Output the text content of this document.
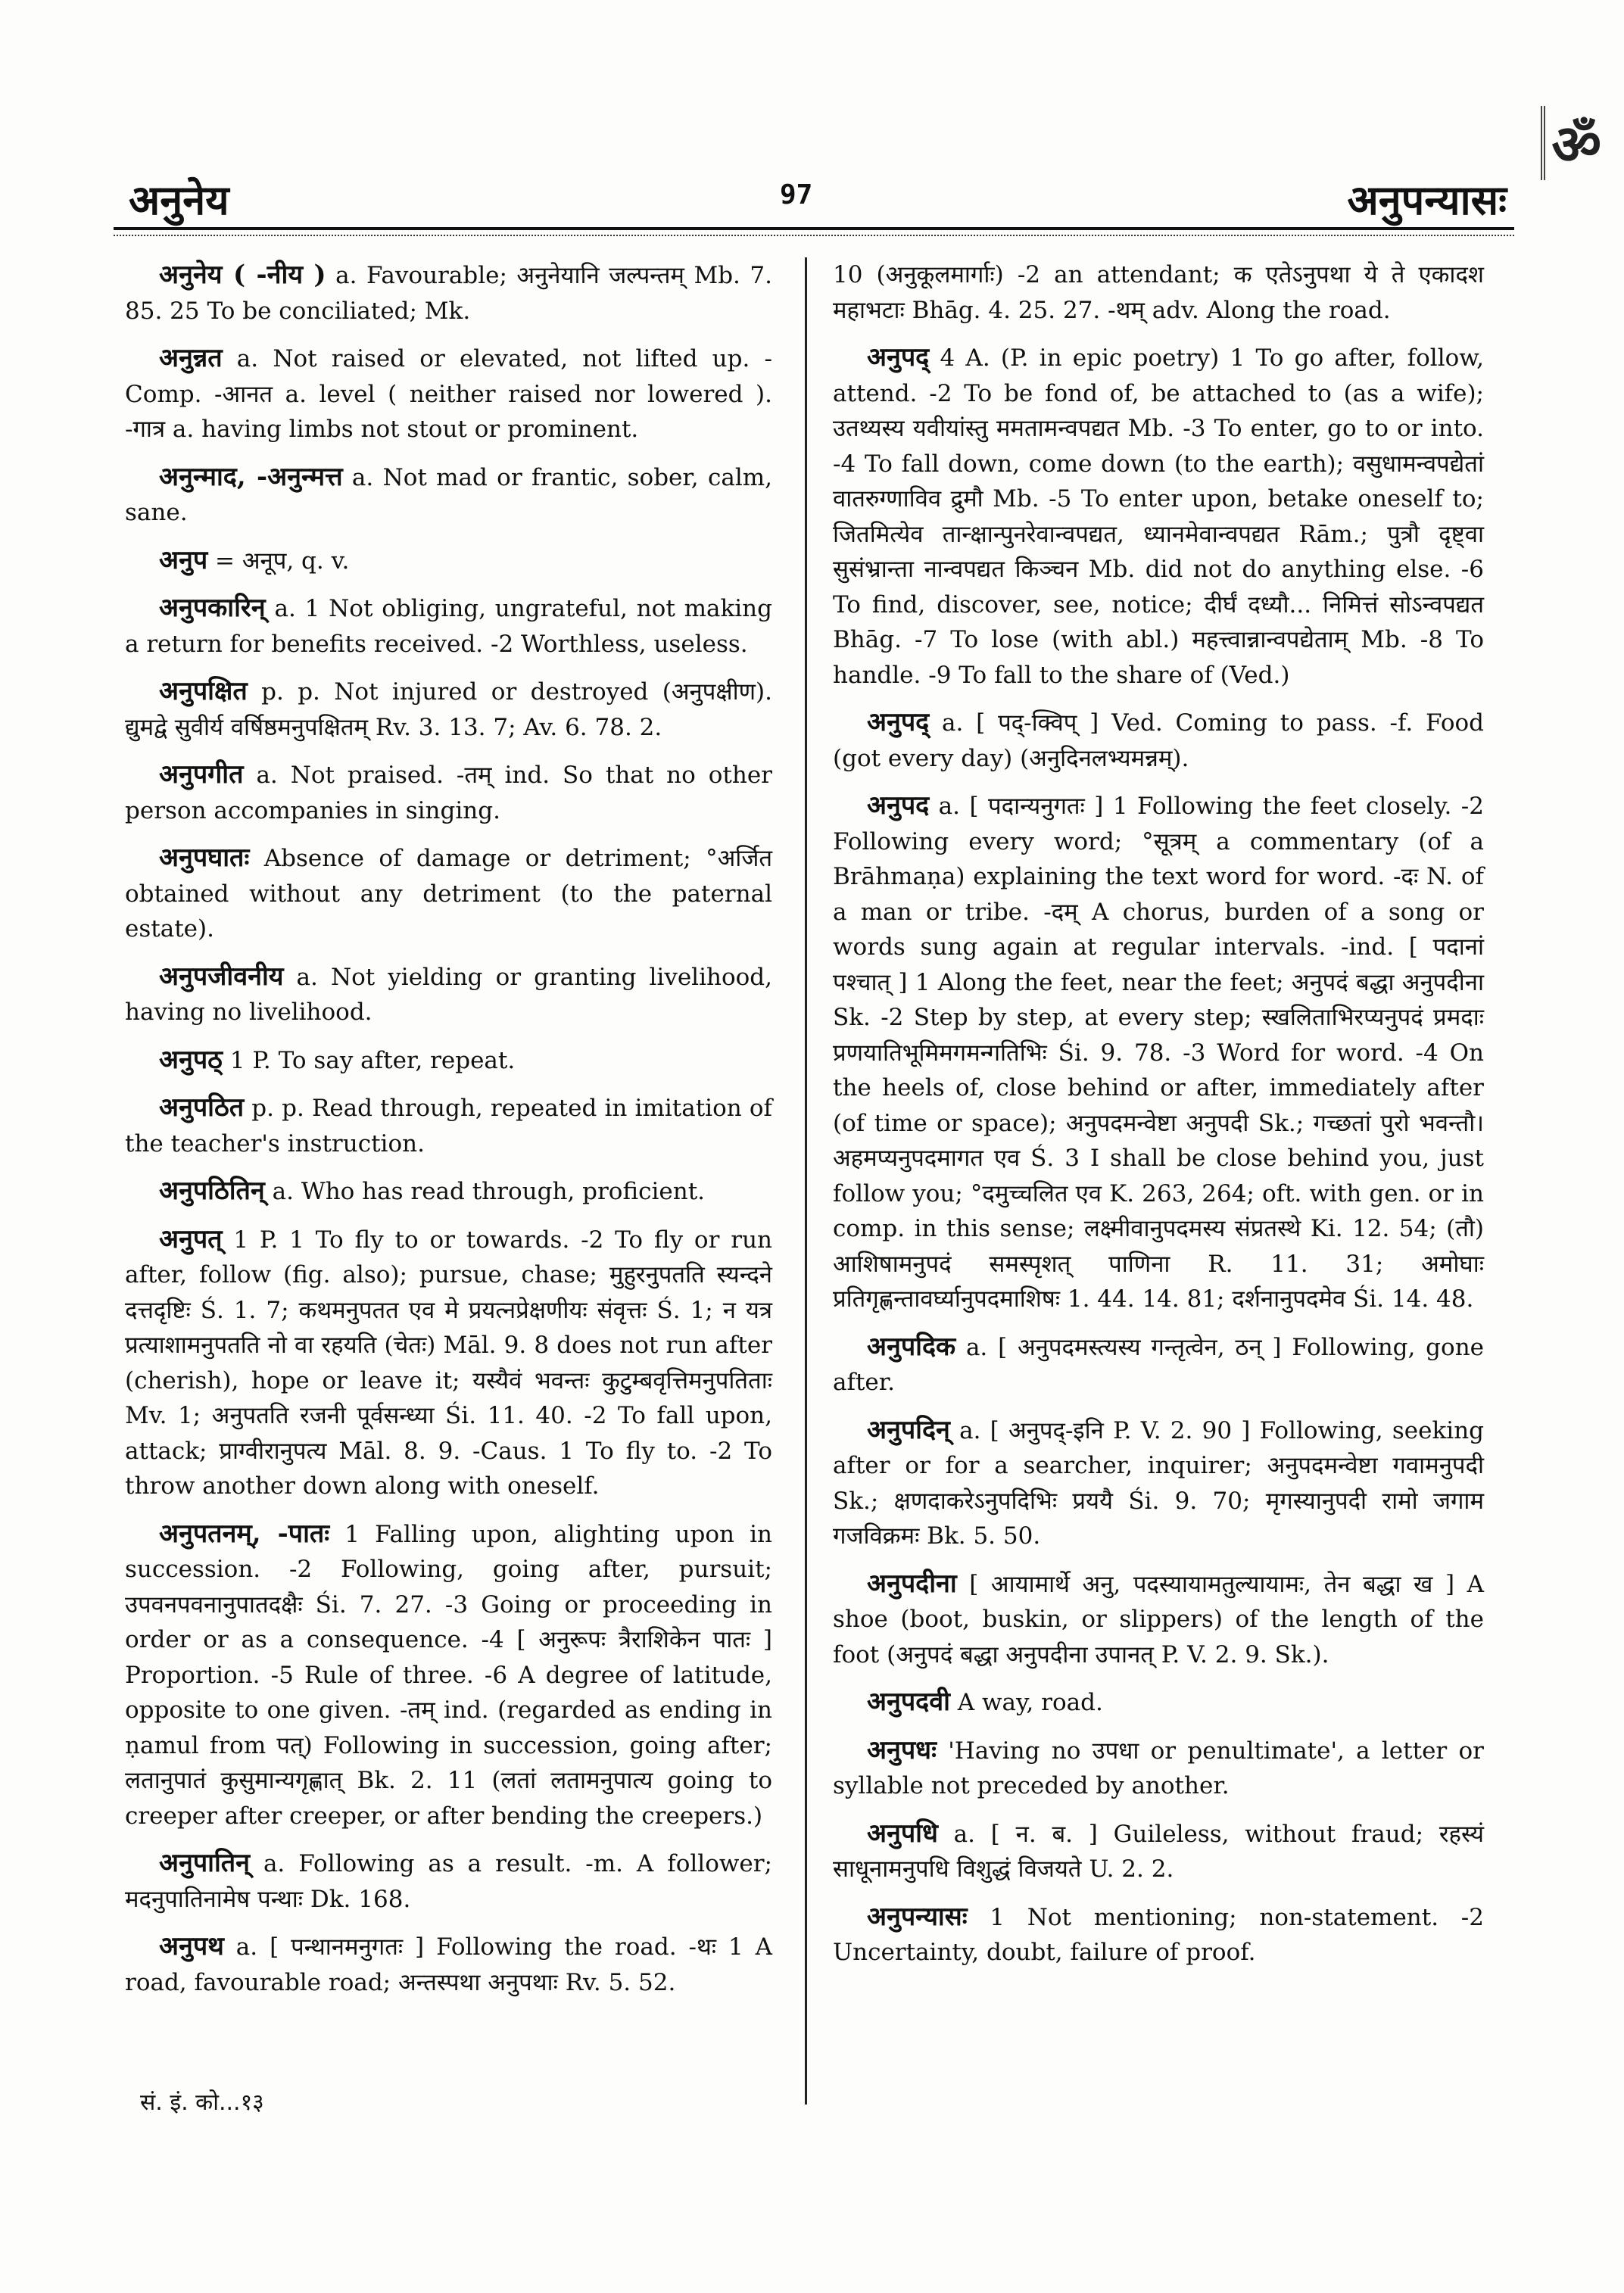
ॐ
अनुनेय	97	अनुपन्यासः

अनुनेय ( -नीय ) a. Favourable; अनुनेयानि जल्पन्तम् Mb. 7. 85. 25 To be conciliated; Mk.

अनुन्नत a. Not raised or elevated, not lifted up. -Comp. -आनत a. level ( neither raised nor lowered ). -गात्र a. having limbs not stout or prominent.

अनुन्माद, -अनुन्मत्त a. Not mad or frantic, sober, calm, sane.

अनुप = अनूप, q. v.

अनुपकारिन् a. 1 Not obliging, ungrateful, not making a return for benefits received. -2 Worthless, useless.

अनुपक्षित p. p. Not injured or destroyed (अनुपक्षीण). द्युमद्वे सुवीर्य वर्षिष्ठमनुपक्षितम् Rv. 3. 13. 7; Av. 6. 78. 2.

अनुपगीत a. Not praised. -तम् ind. So that no other person accompanies in singing.

अनुपघातः Absence of damage or detriment; °अर्जित obtained without any detriment (to the paternal estate).

अनुपजीवनीय a. Not yielding or granting livelihood, having no livelihood.

अनुपठ् 1 P. To say after, repeat.

अनुपठित p. p. Read through, repeated in imitation of the teacher's instruction.

अनुपठितिन् a. Who has read through, proficient.

अनुपत् 1 P. 1 To fly to or towards. -2 To fly or run after, follow (fig. also); pursue, chase; मुहुरनुपतति स्यन्दने दत्तदृष्टिः Ś. 1. 7; कथमनुपतत एव मे प्रयत्नप्रेक्षणीयः संवृत्तः Ś. 1; न यत्र प्रत्याशामनुपतति नो वा रहयति (चेतः) Māl. 9. 8 does not run after (cherish), hope or leave it; यस्यैवं भवन्तः कुटुम्बवृत्तिमनुपतिताः Mv. 1; अनुपतति रजनी पूर्वसन्ध्या Śi. 11. 40. -2 To fall upon, attack; प्राग्वीरानुपत्य Māl. 8. 9. -Caus. 1 To fly to. -2 To throw another down along with oneself.

अनुपतनम्, -पातः 1 Falling upon, alighting upon in succession. -2 Following, going after, pursuit; उपवनपवनानुपातदक्षैः Śi. 7. 27. -3 Going or proceeding in order or as a consequence. -4 [ अनुरूपः त्रैराशिकेन पातः ] Proportion. -5 Rule of three. -6 A degree of latitude, opposite to one given. -तम् ind. (regarded as ending in ṇamul from पत्) Following in succession, going after; लतानुपातं कुसुमान्यगृह्णात् Bk. 2. 11 (लतां लतामनुपात्य going to creeper after creeper, or after bending the creepers.)

अनुपातिन् a. Following as a result. -m. A follower; मदनुपातिनामेष पन्थाः Dk. 168.

अनुपथ a. [ पन्थानमनुगतः ] Following the road. -थः 1 A road, favourable road; अन्तस्पथा अनुपथाः Rv. 5. 52.

10 (अनुकूलमार्गाः) -2 an attendant; क एतेऽनुपथा ये ते एकादश महाभटाः Bhāg. 4. 25. 27. -थम् adv. Along the road.

अनुपद् 4 A. (P. in epic poetry) 1 To go after, follow, attend. -2 To be fond of, be attached to (as a wife); उतथ्यस्य यवीयांस्तु ममतामन्वपद्यत Mb. -3 To enter, go to or into. -4 To fall down, come down (to the earth); वसुधामन्वपद्येतां वातरुग्णाविव द्रुमौ Mb. -5 To enter upon, betake oneself to; जितमित्येव तान्क्षान्पुनरेवान्वपद्यत, ध्यानमेवान्वपद्यत Rām.; पुत्रौ दृष्ट्वा सुसंभ्रान्ता नान्वपद्यत किञ्चन Mb. did not do anything else. -6 To find, discover, see, notice; दीर्घं दध्यौ... निमित्तं सोऽन्वपद्यत Bhāg. -7 To lose (with abl.) महत्त्वान्नान्वपद्येताम् Mb. -8 To handle. -9 To fall to the share of (Ved.)

अनुपद् a. [ पद्-क्विप् ] Ved. Coming to pass. -f. Food (got every day) (अनुदिनलभ्यमन्नम्).

अनुपद a. [ पदान्यनुगतः ] 1 Following the feet closely. -2 Following every word; °सूत्रम् a commentary (of a Brāhmaṇa) explaining the text word for word. -दः N. of a man or tribe. -दम् A chorus, burden of a song or words sung again at regular intervals. -ind. [ पदानां पश्चात् ] 1 Along the feet, near the feet; अनुपदं बद्धा अनुपदीना Sk. -2 Step by step, at every step; स्खलिताभिरप्यनुपदं प्रमदाः प्रणयातिभूमिमगमन्गतिभिः Śi. 9. 78. -3 Word for word. -4 On the heels of, close behind or after, immediately after (of time or space); अनुपदमन्वेष्टा अनुपदी Sk.; गच्छतां पुरो भवन्तौ। अहमप्यनुपदमागत एव Ś. 3 I shall be close behind you, just follow you; °दमुच्चलित एव K. 263, 264; oft. with gen. or in comp. in this sense; लक्ष्मीवानुपदमस्य संप्रतस्थे Ki. 12. 54; (तौ) आशिषामनुपदं समस्पृशत् पाणिना R. 11. 31; अमोघाः प्रतिगृह्णन्तावर्घ्यानुपदमाशिषः 1. 44. 14. 81; दर्शनानुपदमेव Śi. 14. 48.

अनुपदिक a. [ अनुपदमस्त्यस्य गन्तृत्वेन, ठन् ] Following, gone after.

अनुपदिन् a. [ अनुपद्-इनि P. V. 2. 90 ] Following, seeking after or for a searcher, inquirer; अनुपदमन्वेष्टा गवामनुपदी Sk.; क्षणदाकरेऽनुपदिभिः प्रययै Śi. 9. 70; मृगस्यानुपदी रामो जगाम गजविक्रमः Bk. 5. 50.

अनुपदीना [ आयामार्थे अनु, पदस्यायामतुल्यायामः, तेन बद्धा ख ] A shoe (boot, buskin, or slippers) of the length of the foot (अनुपदं बद्धा अनुपदीना उपानत् P. V. 2. 9. Sk.).

अनुपदवी A way, road.

अनुपधः 'Having no उपधा or penultimate', a letter or syllable not preceded by another.

अनुपधि a. [ न. ब. ] Guileless, without fraud; रहस्यं साधूनामनुपधि विशुद्धं विजयते U. 2. 2.

अनुपन्यासः 1 Not mentioning; non-statement. -2 Uncertainty, doubt, failure of proof.

सं. इं. को...१३
